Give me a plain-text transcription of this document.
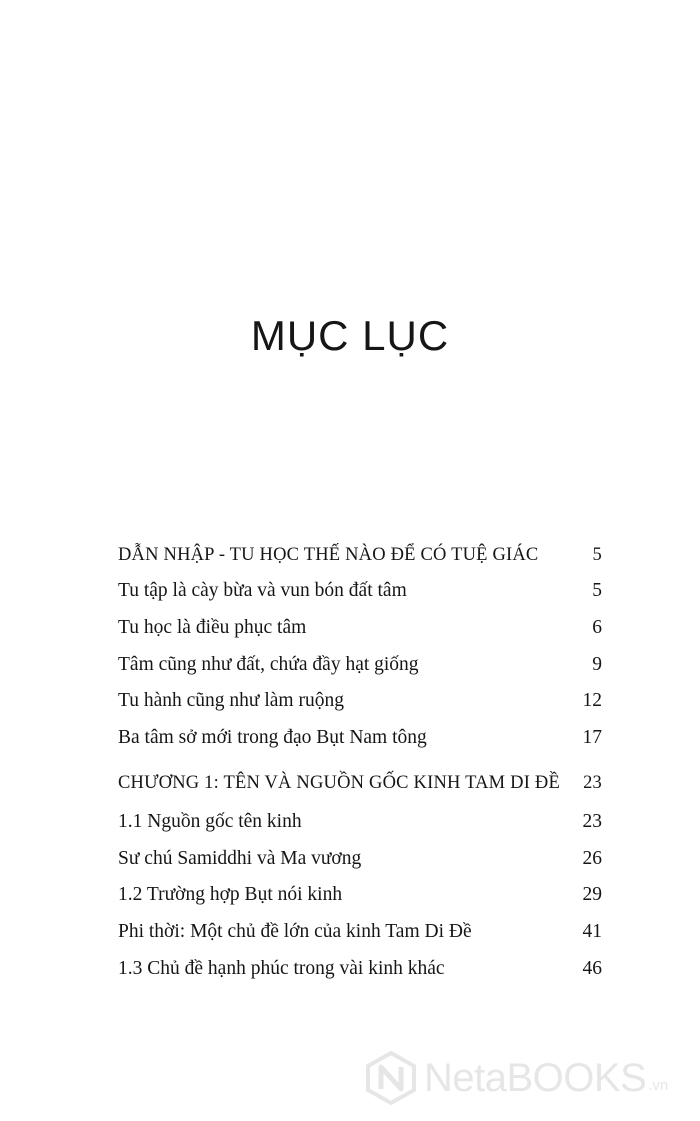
MỤC LỤC
DẪN NHẬP - TU HỌC THẾ NÀO ĐỂ CÓ TUỆ GIÁC	5
Tu tập là cày bừa và vun bón đất tâm	5
Tu học là điều phục tâm	6
Tâm cũng như đất, chứa đầy hạt giống	9
Tu hành cũng như làm ruộng	12
Ba tâm sở mới trong đạo Bụt Nam tông	17
CHƯƠNG 1: TÊN VÀ NGUỒN GỐC KINH TAM DI ĐỀ	23
1.1 Nguồn gốc tên kinh	23
Sư chú Samiddhi và Ma vương	26
1.2 Trường hợp Bụt nói kinh	29
Phi thời: Một chủ đề lớn của kinh Tam Di Đề	41
1.3 Chủ đề hạnh phúc trong vài kinh khác	46
NetaBOOKS .vn
